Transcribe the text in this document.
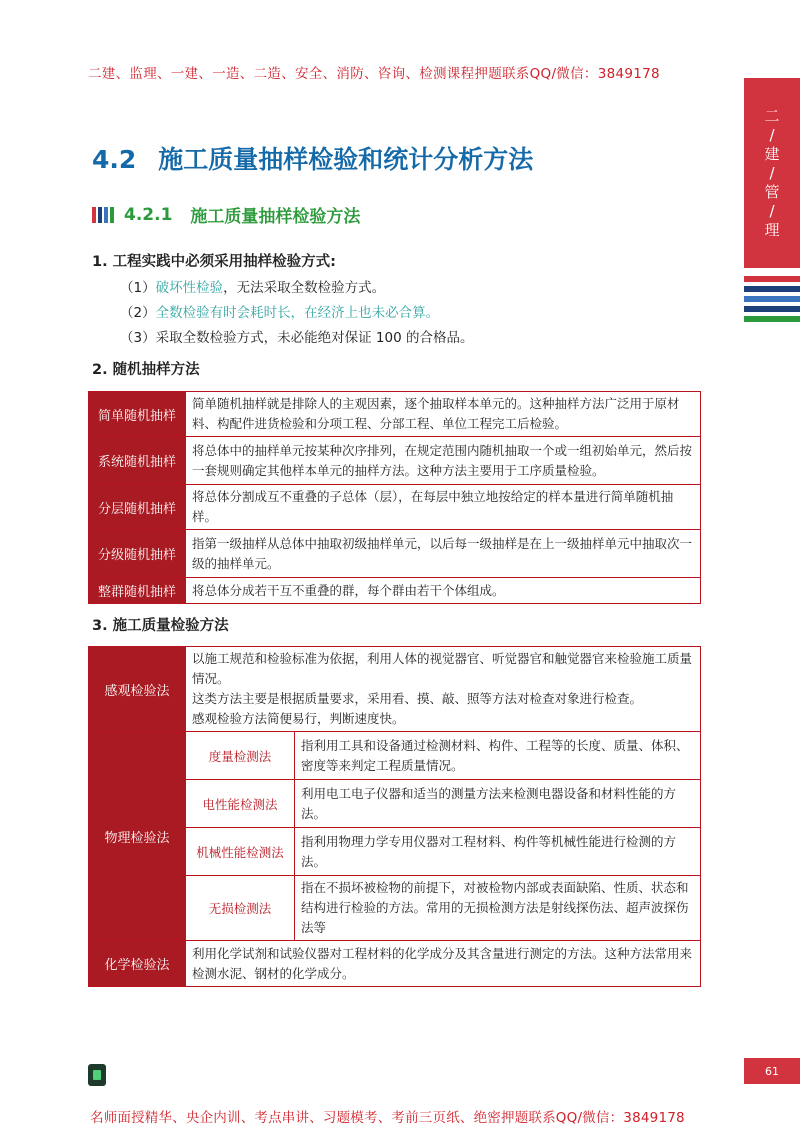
二建、监理、一建、一造、二造、安全、消防、咨询、检测课程押题联系QQ/微信：3849178
二
/
建
/
管
/
理
4.2 施工质量抽样检验和统计分析方法
4.2.1 施工质量抽样检验方法
1. 工程实践中必须采用抽样检验方式:
（1）破坏性检验，无法采取全数检验方式。
（2）全数检验有时会耗时长，在经济上也未必合算。
（3）采取全数检验方式，未必能绝对保证 100 的合格品。
2. 随机抽样方法
简单随机抽样	简单随机抽样就是排除人的主观因素，逐个抽取样本单元的。这种抽样方法广泛用于原材料、构配件进货检验和分项工程、分部工程、单位工程完工后检验。
系统随机抽样	将总体中的抽样单元按某种次序排列，在规定范围内随机抽取一个或一组初始单元，然后按一套规则确定其他样本单元的抽样方法。这种方法主要用于工序质量检验。
分层随机抽样	将总体分割成互不重叠的子总体（层），在每层中独立地按给定的样本量进行简单随机抽样。
分级随机抽样	指第一级抽样从总体中抽取初级抽样单元，以后每一级抽样是在上一级抽样单元中抽取次一级的抽样单元。
整群随机抽样	将总体分成若干互不重叠的群，每个群由若干个体组成。
3. 施工质量检验方法
感观检验法	以施工规范和检验标准为依据，利用人体的视觉器官、听觉器官和触觉器官来检验施工质量情况。
这类方法主要是根据质量要求，采用看、摸、敲、照等方法对检查对象进行检查。
感观检验方法简便易行，判断速度快。	

物理检验法	度量检测法	指利用工具和设备通过检测材料、构件、工程等的长度、质量、体积、密度等来判定工程质量情况。
	电性能检测法	利用电工电子仪器和适当的测量方法来检测电器设备和材料性能的方法。
	机械性能检测法	指利用物理力学专用仪器对工程材料、构件等机械性能进行检测的方法。
	无损检测法	指在不损坏被检物的前提下，对被检物内部或表面缺陷、性质、状态和结构进行检验的方法。常用的无损检测方法是射线探伤法、超声波探伤法等
化学检验法	利用化学试剂和试验仪器对工程材料的化学成分及其含量进行测定的方法。这种方法常用来检测水泥、钢材的化学成分。	
61
名师面授精华、央企内训、考点串讲、习题模考、考前三页纸、绝密押题联系QQ/微信：3849178
